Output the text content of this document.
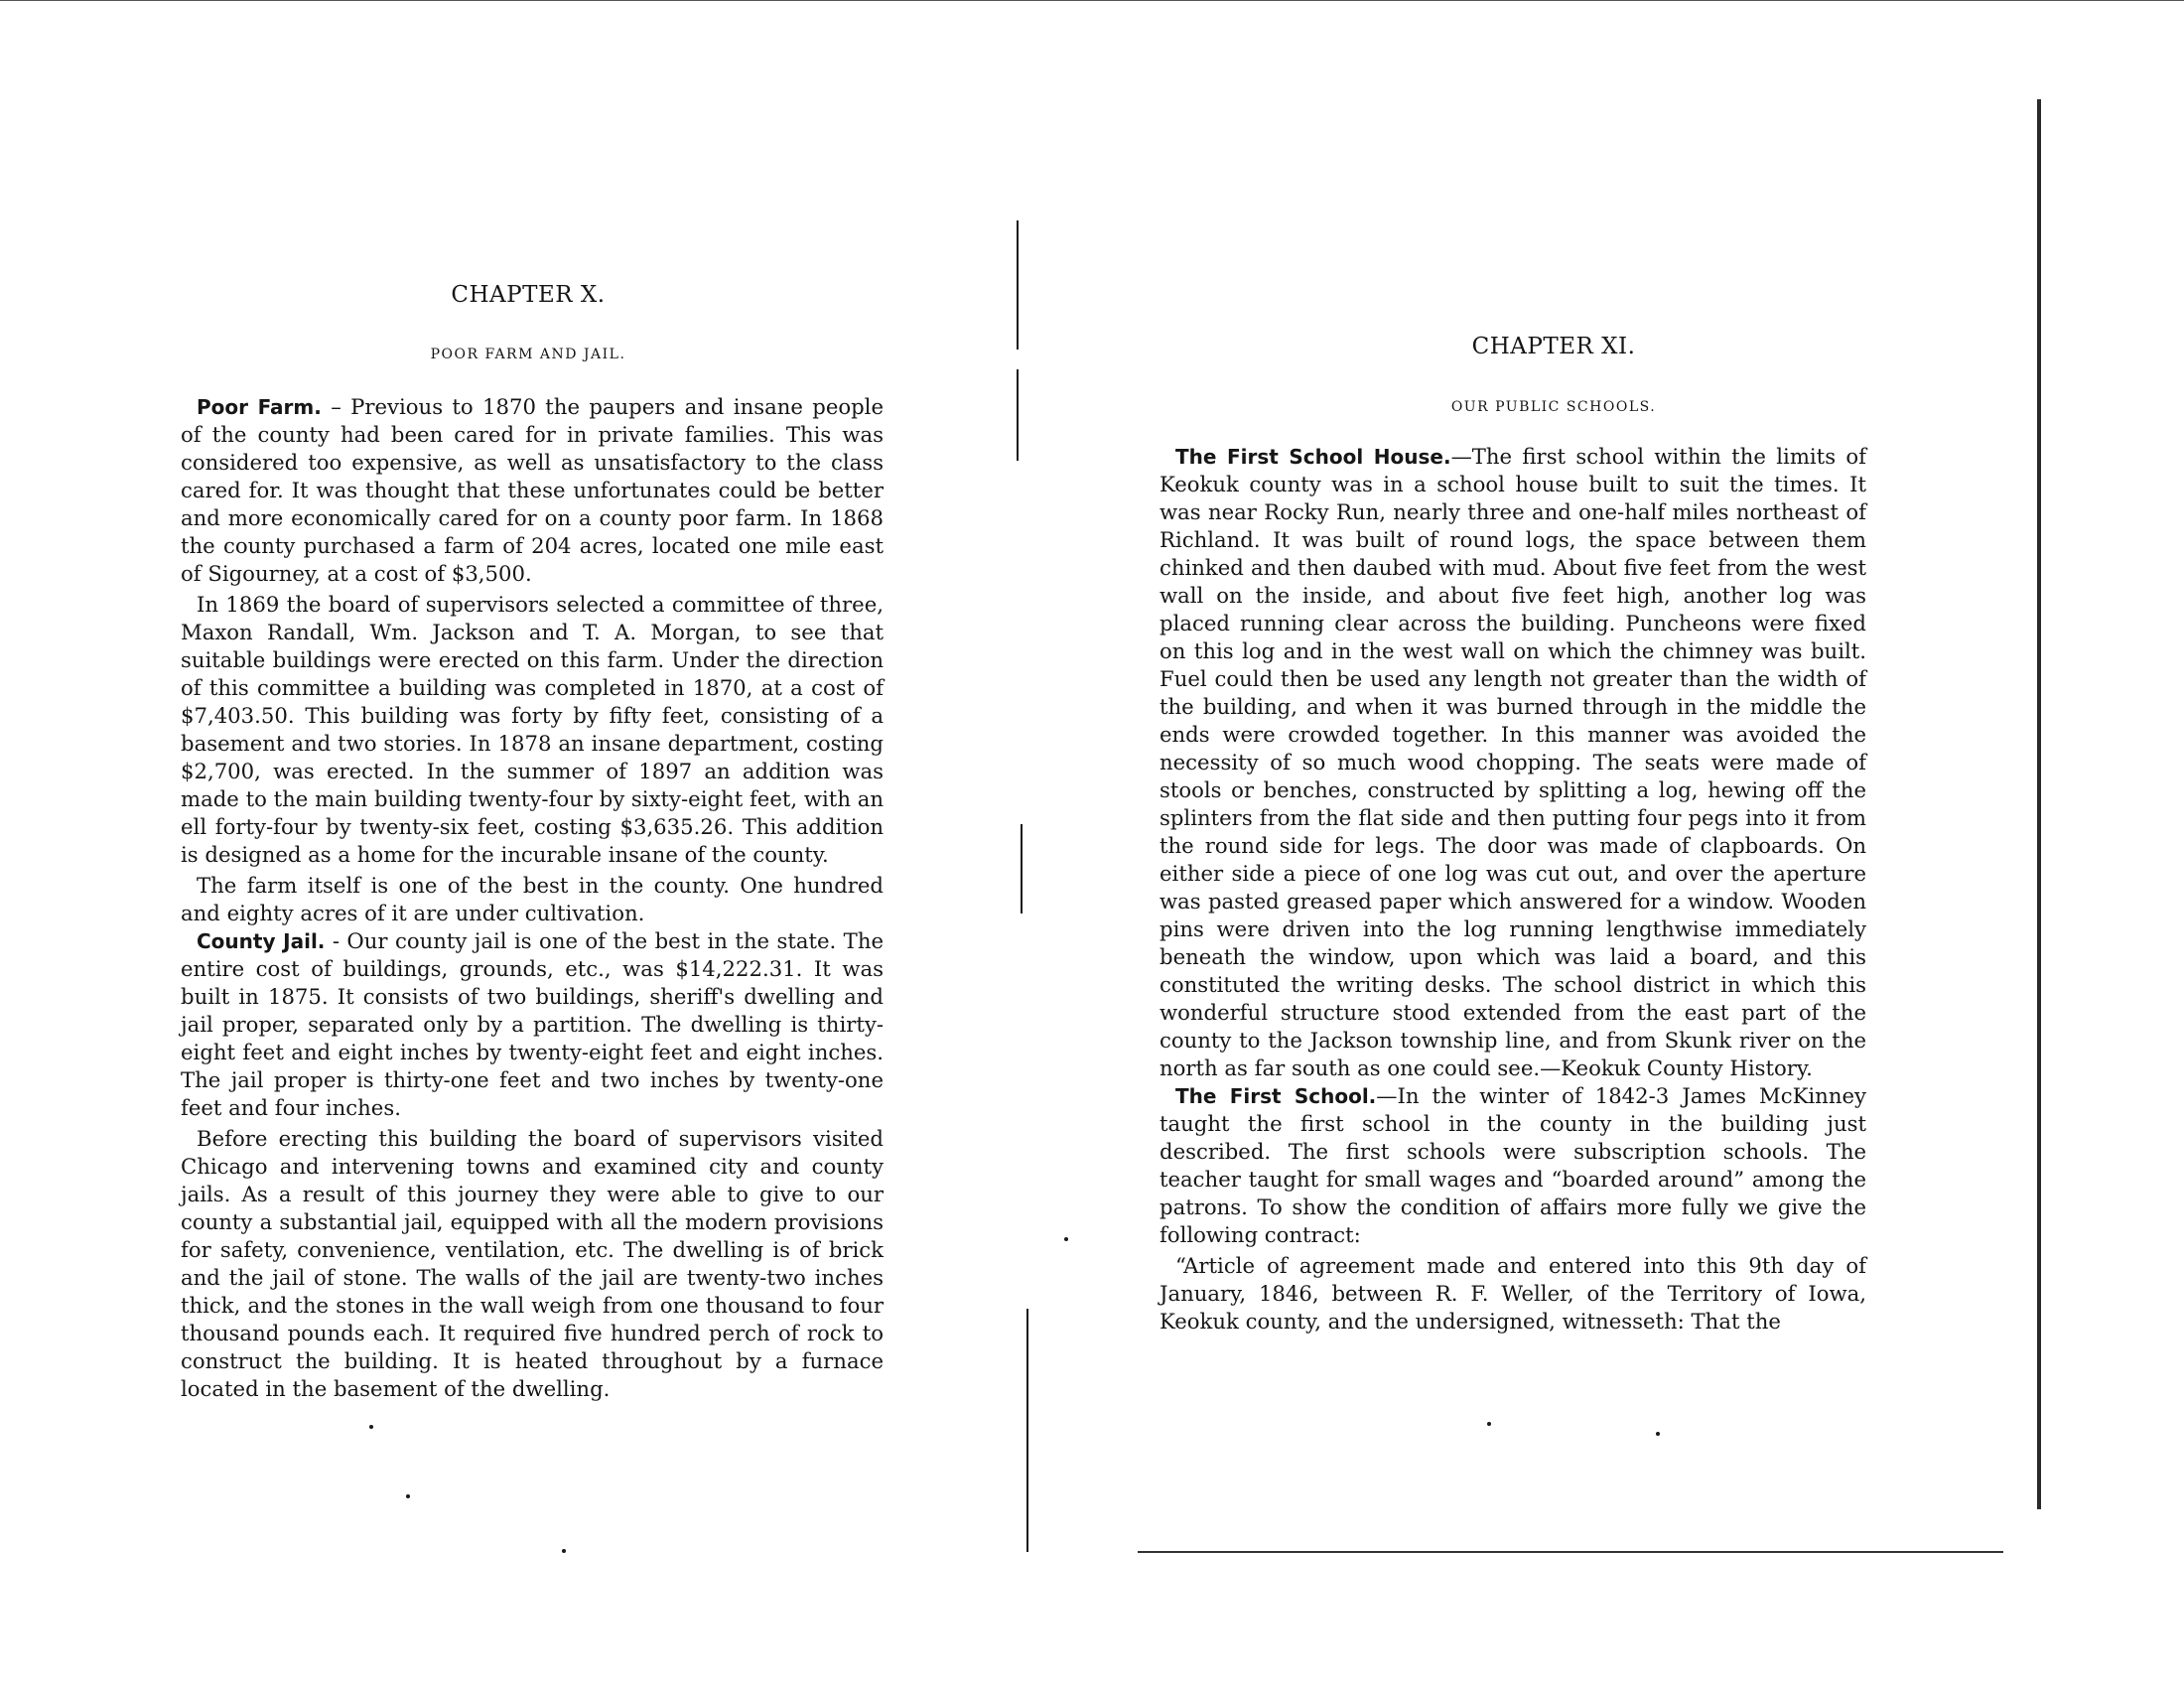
CHAPTER X.
POOR FARM AND JAIL.

Poor Farm. – Previous to 1870 the paupers and insane people of the county had been cared for in private families. This was considered too expensive, as well as unsatisfactory to the class cared for. It was thought that these unfortunates could be better and more economically cared for on a county poor farm. In 1868 the county purchased a farm of 204 acres, located one mile east of Sigourney, at a cost of $3,500.

In 1869 the board of supervisors selected a committee of three, Maxon Randall, Wm. Jackson and T. A. Morgan, to see that suitable buildings were erected on this farm. Under the direction of this committee a building was completed in 1870, at a cost of $7,403.50. This building was forty by fifty feet, consisting of a basement and two stories. In 1878 an insane department, costing $2,700, was erected. In the summer of 1897 an addition was made to the main building twenty-four by sixty-eight feet, with an ell forty-four by twenty-six feet, costing $3,635.26. This addition is designed as a home for the incurable insane of the county.

The farm itself is one of the best in the county. One hundred and eighty acres of it are under cultivation.

County Jail. - Our county jail is one of the best in the state. The entire cost of buildings, grounds, etc., was $14,222.31. It was built in 1875. It consists of two buildings, sheriff's dwelling and jail proper, separated only by a partition. The dwelling is thirty-eight feet and eight inches by twenty-eight feet and eight inches. The jail proper is thirty-one feet and two inches by twenty-one feet and four inches.

Before erecting this building the board of supervisors visited Chicago and intervening towns and examined city and county jails. As a result of this journey they were able to give to our county a substantial jail, equipped with all the modern provisions for safety, convenience, ventilation, etc. The dwelling is of brick and the jail of stone. The walls of the jail are twenty-two inches thick, and the stones in the wall weigh from one thousand to four thousand pounds each. It required five hundred perch of rock to construct the building. It is heated throughout by a furnace located in the basement of the dwelling.

CHAPTER XI.
OUR PUBLIC SCHOOLS.

The First School House.—The first school within the limits of Keokuk county was in a school house built to suit the times. It was near Rocky Run, nearly three and one-half miles northeast of Richland. It was built of round logs, the space between them chinked and then daubed with mud. About five feet from the west wall on the inside, and about five feet high, another log was placed running clear across the building. Puncheons were fixed on this log and in the west wall on which the chimney was built. Fuel could then be used any length not greater than the width of the building, and when it was burned through in the middle the ends were crowded together. In this manner was avoided the necessity of so much wood chopping. The seats were made of stools or benches, constructed by splitting a log, hewing off the splinters from the flat side and then putting four pegs into it from the round side for legs. The door was made of clapboards. On either side a piece of one log was cut out, and over the aperture was pasted greased paper which answered for a window. Wooden pins were driven into the log running lengthwise immediately beneath the window, upon which was laid a board, and this constituted the writing desks. The school district in which this wonderful structure stood extended from the east part of the county to the Jackson township line, and from Skunk river on the north as far south as one could see.—Keokuk County History.

The First School.—In the winter of 1842-3 James McKinney taught the first school in the county in the building just described. The first schools were subscription schools. The teacher taught for small wages and “boarded around” among the patrons. To show the condition of affairs more fully we give the following contract:

“Article of agreement made and entered into this 9th day of January, 1846, between R. F. Weller, of the Territory of Iowa, Keokuk county, and the undersigned, witnesseth: That the
